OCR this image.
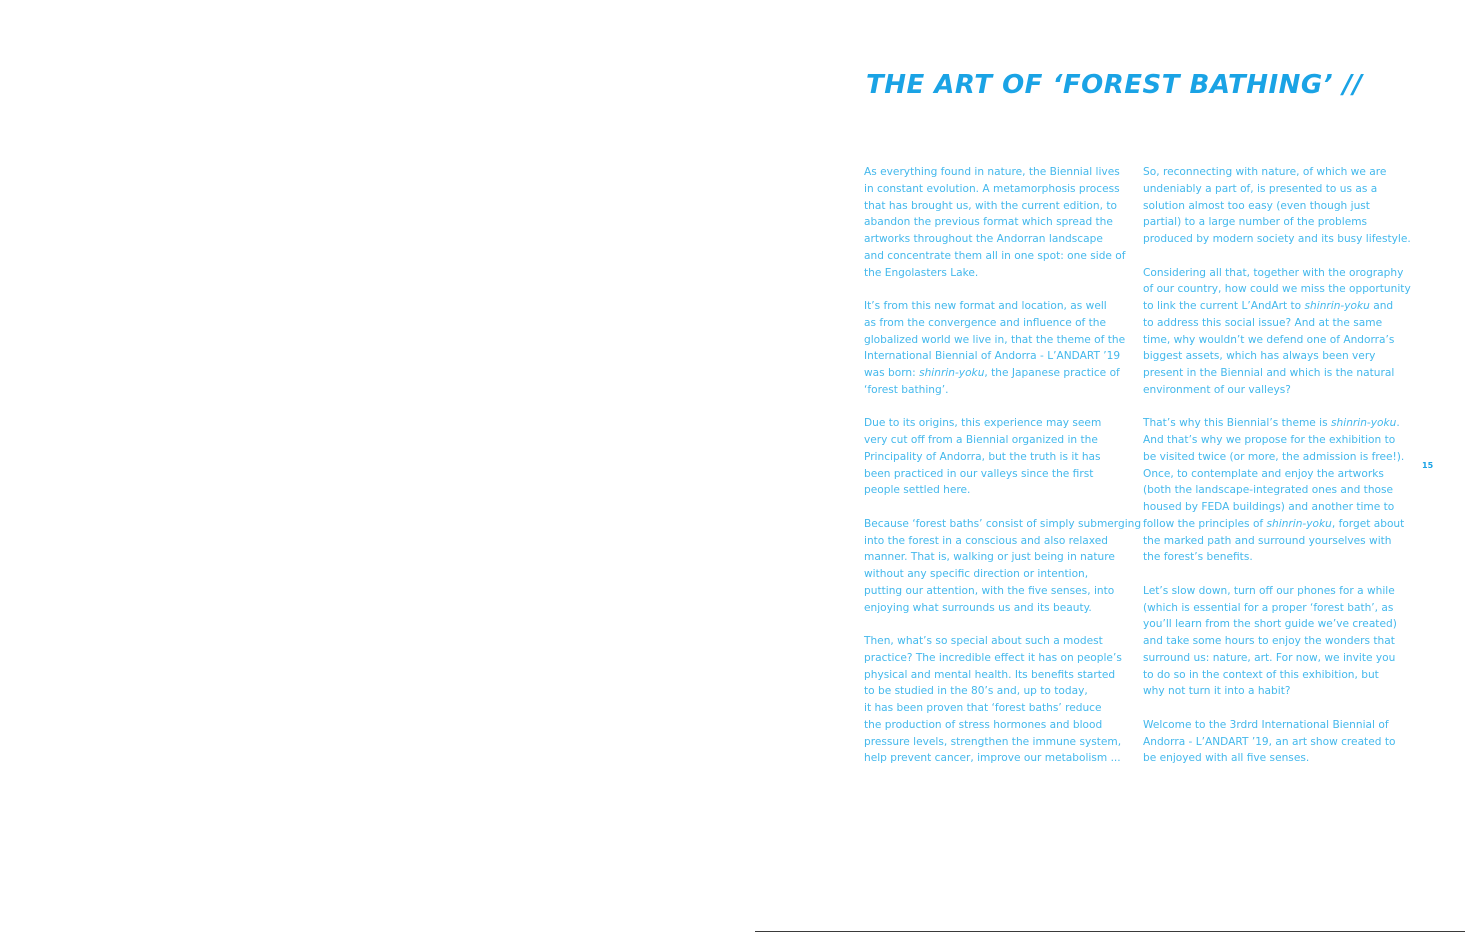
THE ART OF ‘FOREST BATHING’ //

As everything found in nature, the Biennial lives
in constant evolution. A metamorphosis process
that has brought us, with the current edition, to
abandon the previous format which spread the
artworks throughout the Andorran landscape
and concentrate them all in one spot: one side of
the Engolasters Lake.

It’s from this new format and location, as well
as from the convergence and influence of the
globalized world we live in, that the theme of the
International Biennial of Andorra - L’ANDART ’19
was born: shinrin-yoku, the Japanese practice of
‘forest bathing’.

Due to its origins, this experience may seem
very cut off from a Biennial organized in the
Principality of Andorra, but the truth is it has
been practiced in our valleys since the first
people settled here.

Because ‘forest baths’ consist of simply submerging
into the forest in a conscious and also relaxed
manner. That is, walking or just being in nature
without any specific direction or intention,
putting our attention, with the five senses, into
enjoying what surrounds us and its beauty.

Then, what’s so special about such a modest
practice? The incredible effect it has on people’s
physical and mental health. Its benefits started
to be studied in the 80’s and, up to today,
it has been proven that ‘forest baths’ reduce
the production of stress hormones and blood
pressure levels, strengthen the immune system,
help prevent cancer, improve our metabolism ...

So, reconnecting with nature, of which we are
undeniably a part of, is presented to us as a
solution almost too easy (even though just
partial) to a large number of the problems
produced by modern society and its busy lifestyle.

Considering all that, together with the orography
of our country, how could we miss the opportunity
to link the current L’AndArt to shinrin-yoku and
to address this social issue? And at the same
time, why wouldn’t we defend one of Andorra’s
biggest assets, which has always been very
present in the Biennial and which is the natural
environment of our valleys?

That’s why this Biennial’s theme is shinrin-yoku.
And that’s why we propose for the exhibition to
be visited twice (or more, the admission is free!).
Once, to contemplate and enjoy the artworks
(both the landscape-integrated ones and those
housed by FEDA buildings) and another time to
follow the principles of shinrin-yoku, forget about
the marked path and surround yourselves with
the forest’s benefits.

Let’s slow down, turn off our phones for a while
(which is essential for a proper ‘forest bath’, as
you’ll learn from the short guide we’ve created)
and take some hours to enjoy the wonders that
surround us: nature, art. For now, we invite you
to do so in the context of this exhibition, but
why not turn it into a habit?

Welcome to the 3rdrd International Biennial of
Andorra - L’ANDART ’19, an art show created to
be enjoyed with all five senses.

15
